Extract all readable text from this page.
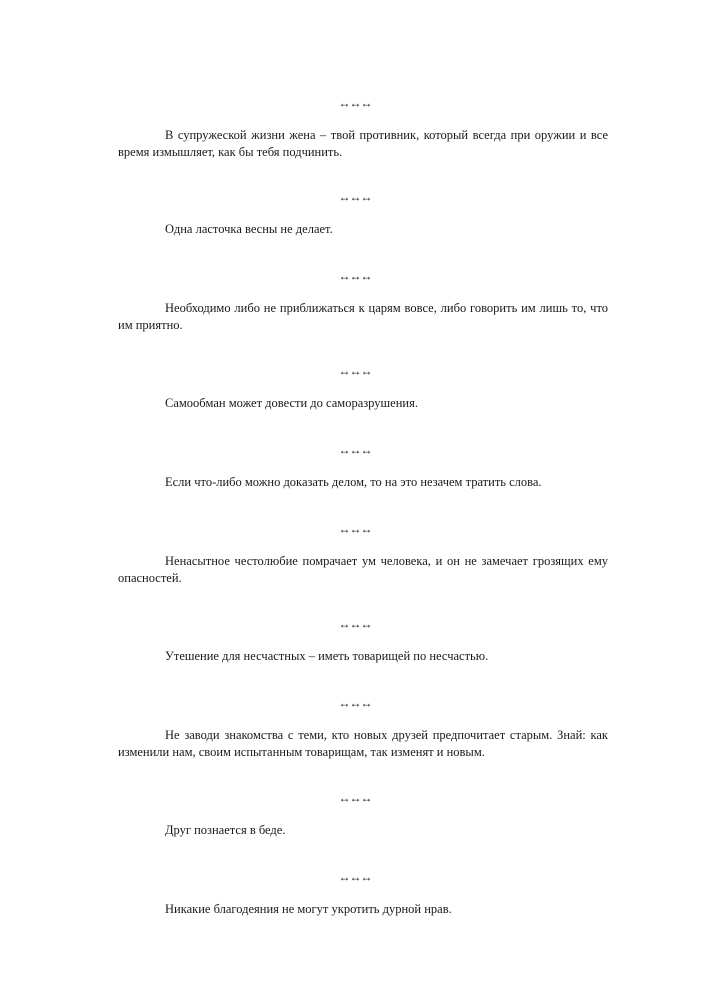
↔↔↔

В супружеской жизни жена – твой противник, который всегда при оружии и все время измышляет, как бы тебя подчинить.

↔↔↔

Одна ласточка весны не делает.

↔↔↔

Необходимо либо не приближаться к царям вовсе, либо говорить им лишь то, что им приятно.

↔↔↔

Самообман может довести до саморазрушения.

↔↔↔

Если что-либо можно доказать делом, то на это незачем тратить слова.

↔↔↔

Ненасытное честолюбие помрачает ум человека, и он не замечает грозящих ему опасностей.

↔↔↔

Утешение для несчастных – иметь товарищей по несчастью.

↔↔↔

Не заводи знакомства с теми, кто новых друзей предпочитает старым. Знай: как изменили нам, своим испытанным товарищам, так изменят и новым.

↔↔↔

Друг познается в беде.

↔↔↔

Никакие благодеяния не могут укротить дурной нрав.
